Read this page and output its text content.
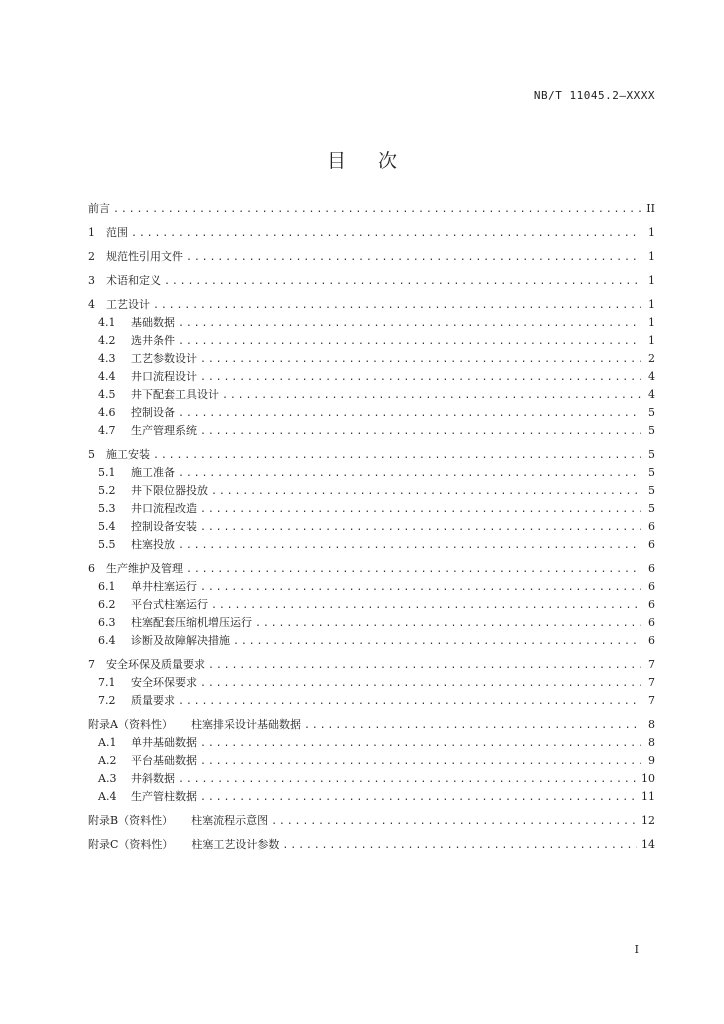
NB/T 11045.2—XXXX
目 次
前言 .....	II
1	范围 .....	1
2	规范性引用文件 .....	1
3	术语和定义 .....	1
4	工艺设计 .....	1
4.1	基础数据 .....	1
4.2	选井条件 .....	1
4.3	工艺参数设计 .....	2
4.4	井口流程设计 .....	4
4.5	井下配套工具设计 .....	4
4.6	控制设备 .....	5
4.7	生产管理系统 .....	5
5	施工安装 .....	5
5.1	施工准备 .....	5
5.2	井下限位器投放 .....	5
5.3	井口流程改造 .....	5
5.4	控制设备安装 .....	6
5.5	柱塞投放 .....	6
6	生产维护及管理 .....	6
6.1	单井柱塞运行 .....	6
6.2	平台式柱塞运行 .....	6
6.3	柱塞配套压缩机增压运行 .....	6
6.4	诊断及故障解决措施 .....	6
7	安全环保及质量要求 .....	7
7.1	安全环保要求 .....	7
7.2	质量要求 .....	7
附录A（资料性） 柱塞排采设计基础数据 .....	8
A.1	单井基础数据 .....	8
A.2	平台基础数据 .....	9
A.3	井斜数据 .....	10
A.4	生产管柱数据 .....	11
附录B（资料性） 柱塞流程示意图 .....	12
附录C（资料性） 柱塞工艺设计参数 .....	14
I
